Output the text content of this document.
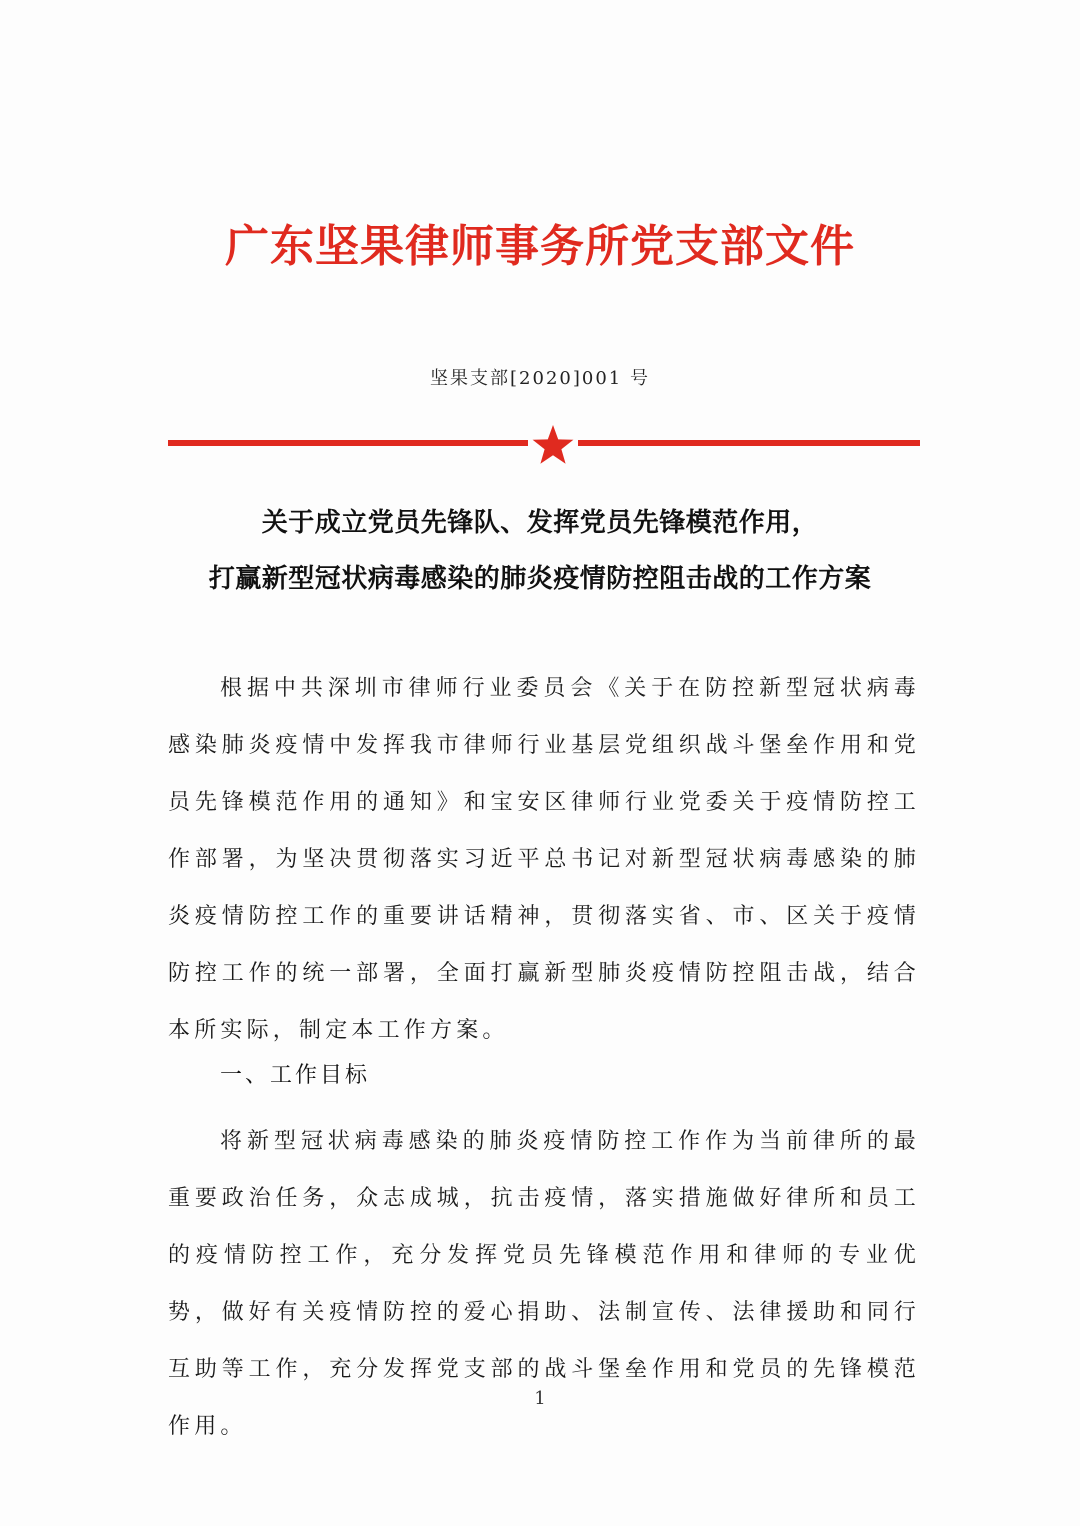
广东坚果律师事务所党支部文件
坚果支部[2020]001 号
关于成立党员先锋队、发挥党员先锋模范作用，
打赢新型冠状病毒感染的肺炎疫情防控阻击战的工作方案
根据中共深圳市律师行业委员会《关于在防控新型冠状病毒感染肺炎疫情中发挥我市律师行业基层党组织战斗堡垒作用和党员先锋模范作用的通知》和宝安区律师行业党委关于疫情防控工作部署，为坚决贯彻落实习近平总书记对新型冠状病毒感染的肺炎疫情防控工作的重要讲话精神，贯彻落实省、市、区关于疫情防控工作的统一部署，全面打赢新型肺炎疫情防控阻击战，结合本所实际，制定本工作方案。
一、工作目标
将新型冠状病毒感染的肺炎疫情防控工作作为当前律所的最重要政治任务，众志成城，抗击疫情，落实措施做好律所和员工的疫情防控工作，充分发挥党员先锋模范作用和律师的专业优势，做好有关疫情防控的爱心捐助、法制宣传、法律援助和同行互助等工作，充分发挥党支部的战斗堡垒作用和党员的先锋模范作用。
1
